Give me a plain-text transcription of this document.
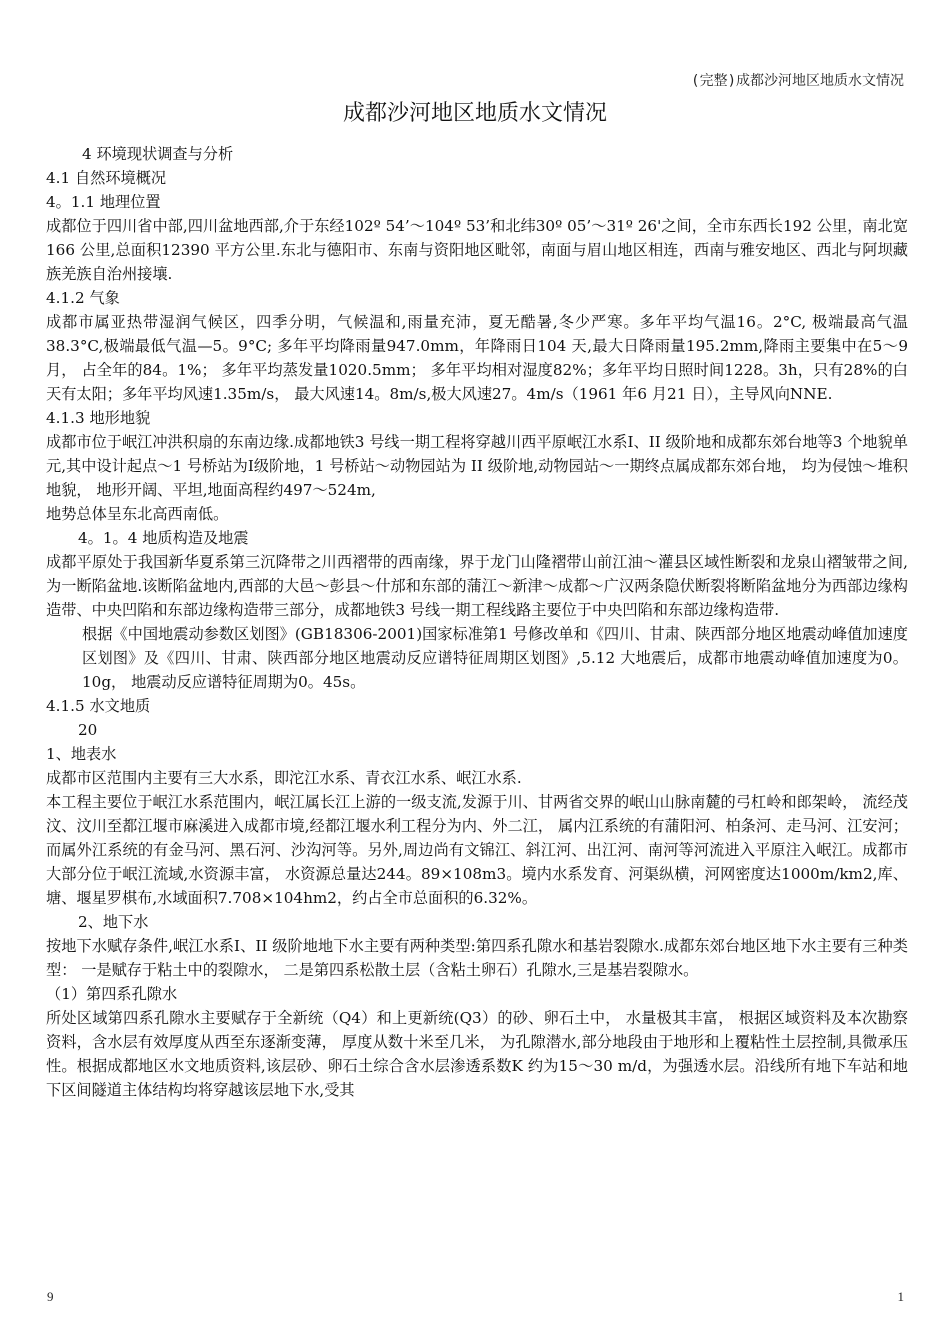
(完整)成都沙河地区地质水文情况
成都沙河地区地质水文情况

4 环境现状调查与分析

4.1 自然环境概况

4。1.1 地理位置

成都位于四川省中部,四川盆地西部,介于东经102º 54’～104º 53’和北纬30º 05’～31º 26'之间，全市东西长192 公里，南北宽166 公里,总面积12390 平方公里.东北与德阳市、东南与资阳地区毗邻，南面与眉山地区相连，西南与雅安地区、西北与阿坝藏族羌族自治州接壤.

4.1.2 气象

成都市属亚热带湿润气候区，四季分明，气候温和,雨量充沛，夏无酷暑,冬少严寒。多年平均气温16。2°C, 极端最高气温38.3°C,极端最低气温—5。9°C; 多年平均降雨量947.0mm，年降雨日104 天,最大日降雨量195.2mm,降雨主要集中在5～9 月， 占全年的84。1%； 多年平均蒸发量1020.5mm； 多年平均相对湿度82%；多年平均日照时间1228。3h，只有28%的白天有太阳；多年平均风速1.35m/s， 最大风速14。8m/s,极大风速27。4m/s（1961 年6 月21 日），主导风向NNE.

4.1.3 地形地貌

成都市位于岷江冲洪积扇的东南边缘.成都地铁3 号线一期工程将穿越川西平原岷江水系Ⅰ、II 级阶地和成都东郊台地等3 个地貌单元,其中设计起点～1 号桥站为Ⅰ级阶地，1 号桥站～动物园站为 II 级阶地,动物园站～一期终点属成都东郊台地， 均为侵蚀～堆积地貌， 地形开阔、平坦,地面高程约497～524m,

地势总体呈东北高西南低。

4。1。4 地质构造及地震

成都平原处于我国新华夏系第三沉降带之川西褶带的西南缘，界于龙门山隆褶带山前江油～灌县区域性断裂和龙泉山褶皱带之间,为一断陷盆地.该断陷盆地内,西部的大邑～彭县～什邡和东部的蒲江～新津～成都～广汉两条隐伏断裂将断陷盆地分为西部边缘构造带、中央凹陷和东部边缘构造带三部分，成都地铁3 号线一期工程线路主要位于中央凹陷和东部边缘构造带.

根据《中国地震动参数区划图》(GB18306-2001)国家标准第1 号修改单和《四川、甘肃、陕西部分地区地震动峰值加速度区划图》及《四川、甘肃、陕西部分地区地震动反应谱特征周期区划图》,5.12 大地震后，成都市地震动峰值加速度为0。10g， 地震动反应谱特征周期为0。45s。

4.1.5 水文地质

20

1、地表水

成都市区范围内主要有三大水系，即沱江水系、青衣江水系、岷江水系.

本工程主要位于岷江水系范围内，岷江属长江上游的一级支流,发源于川、甘两省交界的岷山山脉南麓的弓杠岭和郎架岭， 流经茂汶、汶川至都江堰市麻溪进入成都市境,经都江堰水利工程分为内、外二江， 属内江系统的有蒲阳河、柏条河、走马河、江安河；而属外江系统的有金马河、黑石河、沙沟河等。另外,周边尚有文锦江、斜江河、出江河、南河等河流进入平原注入岷江。成都市大部分位于岷江流域,水资源丰富， 水资源总量达244。89×108m3。境内水系发育、河渠纵横，河网密度达1000m/km2,库、塘、堰星罗棋布,水域面积7.708×104hm2，约占全市总面积的6.32%。

2、地下水

按地下水赋存条件,岷江水系Ⅰ、II 级阶地地下水主要有两种类型:第四系孔隙水和基岩裂隙水.成都东郊台地区地下水主要有三种类型： 一是赋存于粘土中的裂隙水， 二是第四系松散土层（含粘土卵石）孔隙水,三是基岩裂隙水。

（1）第四系孔隙水

所处区域第四系孔隙水主要赋存于全新统（Q4）和上更新统(Q3）的砂、卵石土中， 水量极其丰富， 根据区域资料及本次勘察资料，含水层有效厚度从西至东逐渐变薄， 厚度从数十米至几米， 为孔隙潜水,部分地段由于地形和上覆粘性土层控制,具微承压性。根据成都地区水文地质资料,该层砂、卵石土综合含水层渗透系数K 约为15～30 m/d，为强透水层。沿线所有地下车站和地下区间隧道主体结构均将穿越该层地下水,受其

9	1
